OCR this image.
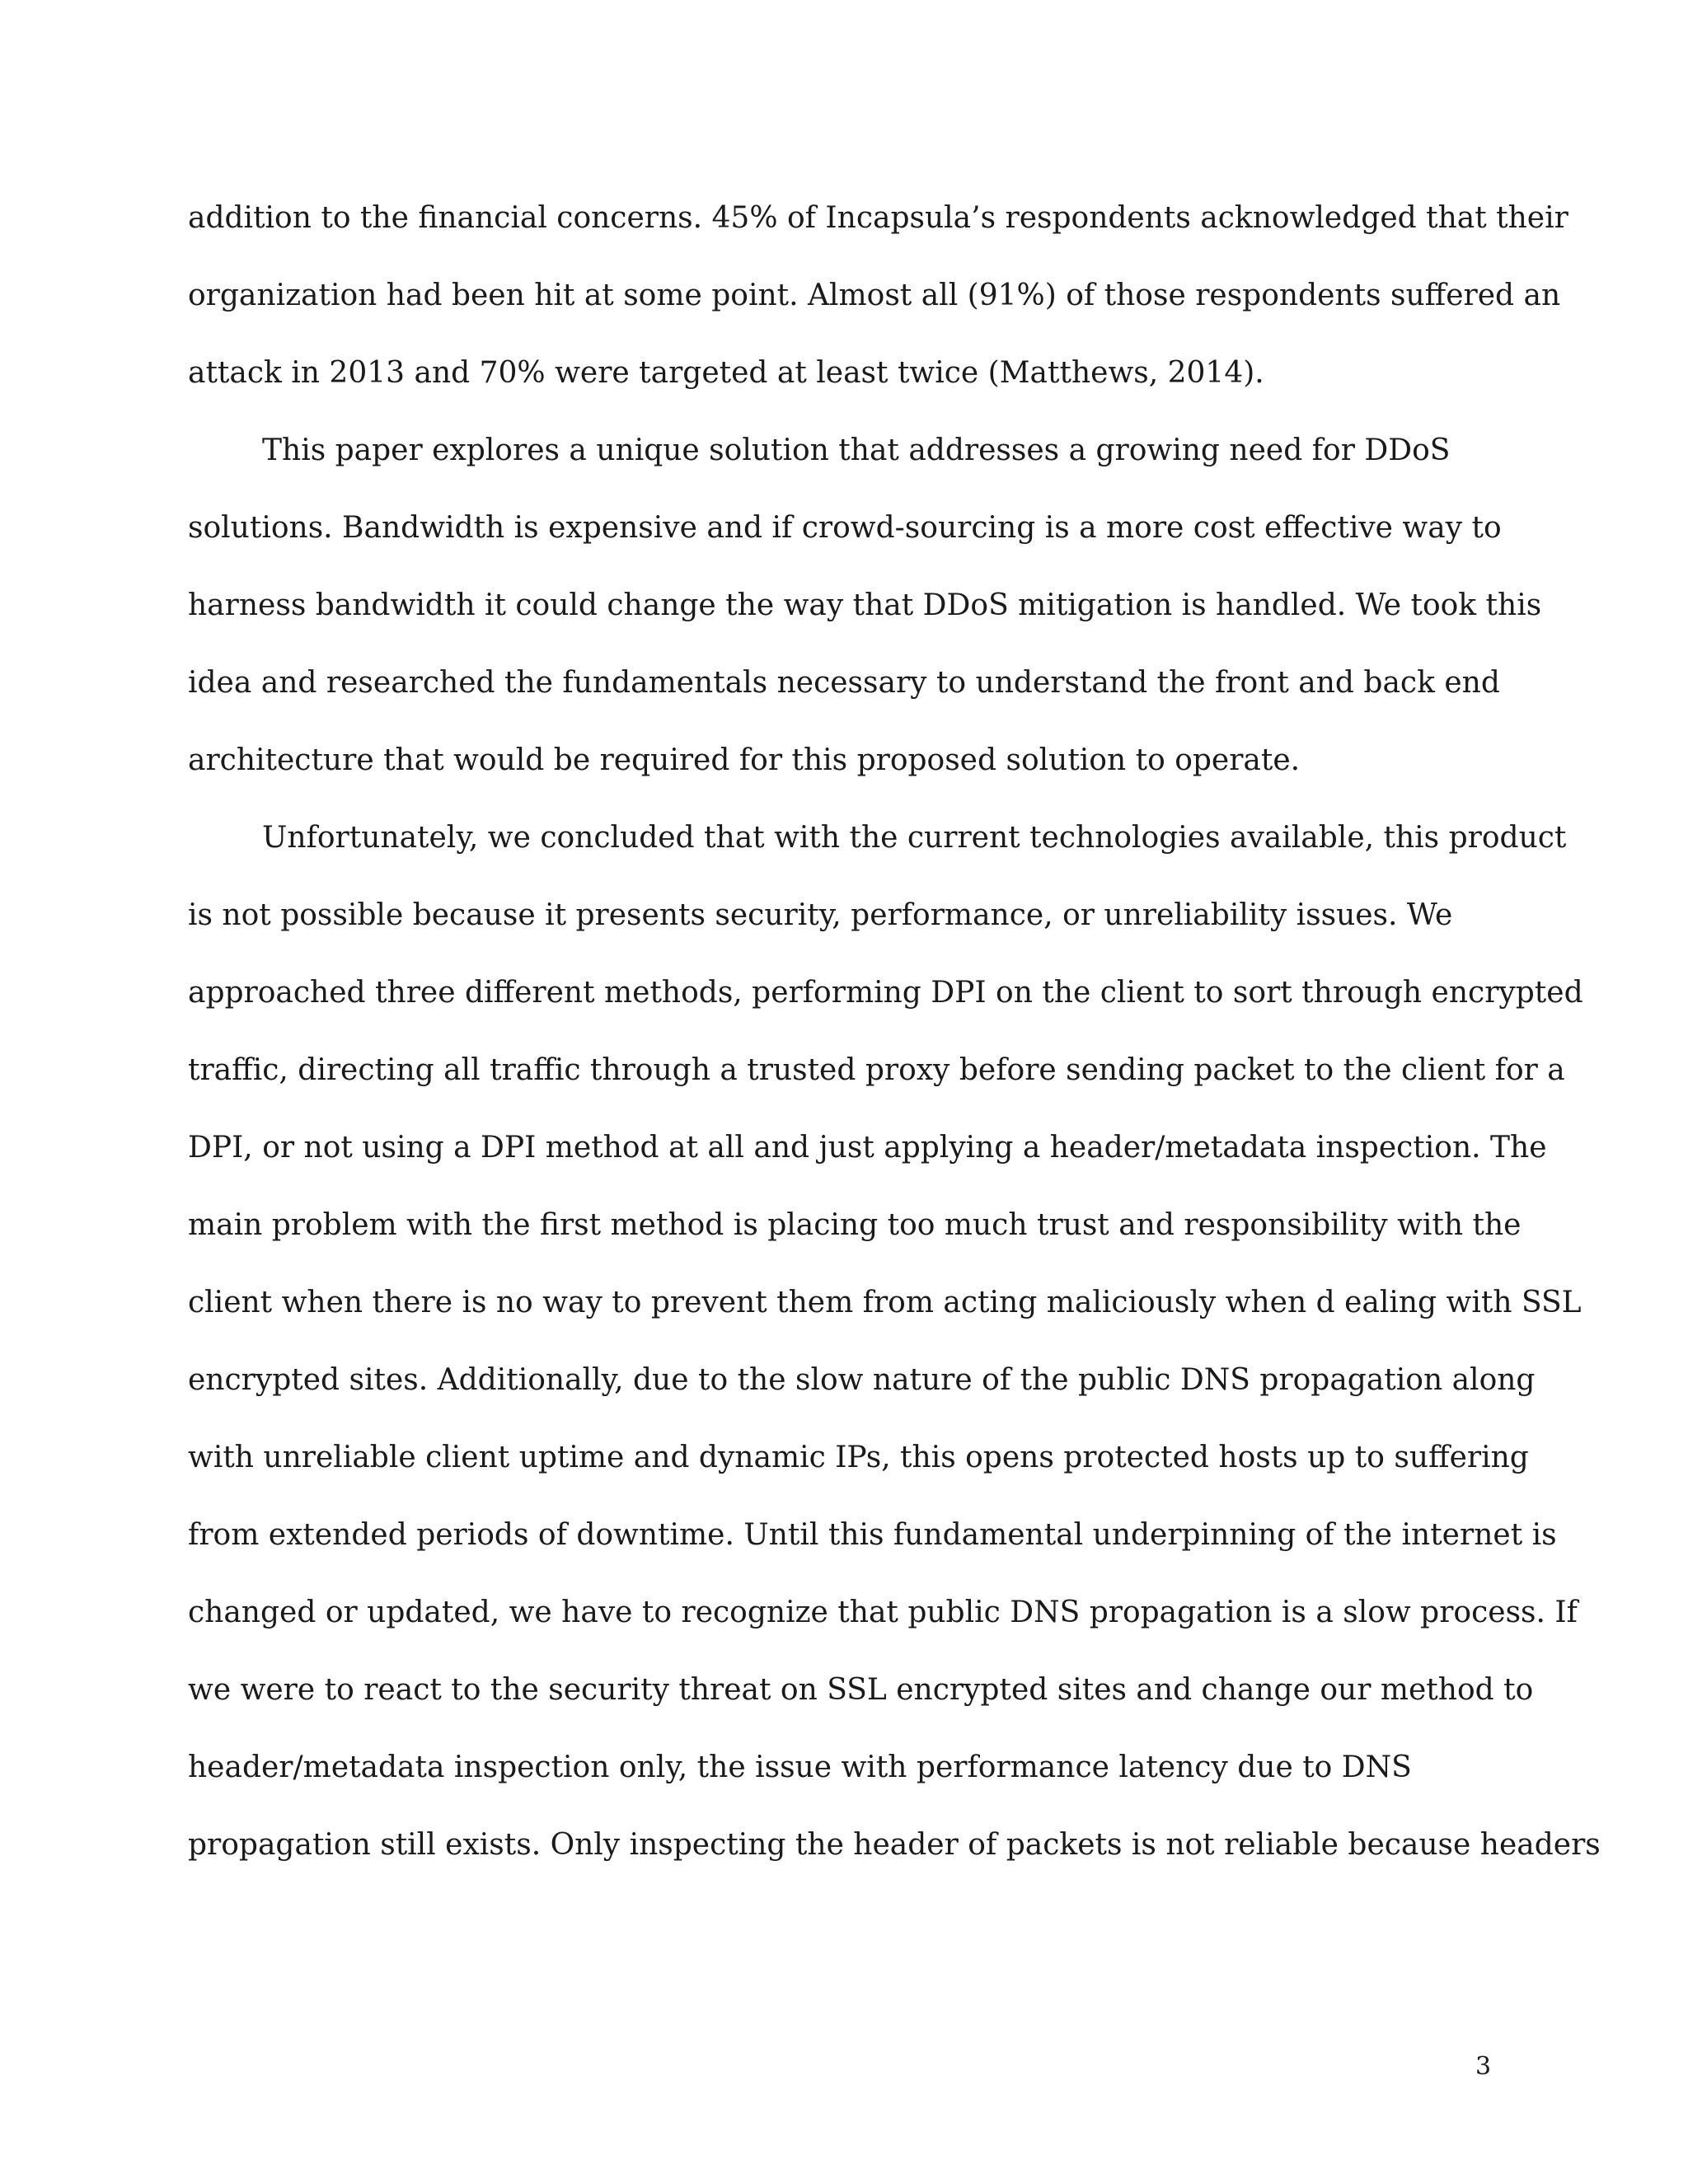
addition to the financial concerns. 45% of Incapsula’s respondents acknowledged that their
organization had been hit at some point. Almost all (91%) of those respondents suffered an
attack in 2013 and 70% were targeted at least twice (Matthews, 2014).
This paper explores a unique solution that addresses a growing need for DDoS
solutions. Bandwidth is expensive and if crowd-sourcing is a more cost effective way to
harness bandwidth it could change the way that DDoS mitigation is handled. We took this
idea and researched the fundamentals necessary to understand the front and back end
architecture that would be required for this proposed solution to operate.
Unfortunately, we concluded that with the current technologies available, this product
is not possible because it presents security, performance, or unreliability issues. We
approached three different methods, performing DPI on the client to sort through encrypted
traffic, directing all traffic through a trusted proxy before sending packet to the client for a
DPI, or not using a DPI method at all and just applying a header/metadata inspection. The
main problem with the first method is placing too much trust and responsibility with the
client when there is no way to prevent them from acting maliciously when d ealing with SSL
encrypted sites. Additionally, due to the slow nature of the public DNS propagation along
with unreliable client uptime and dynamic IPs, this opens protected hosts up to suffering
from extended periods of downtime. Until this fundamental underpinning of the internet is
changed or updated, we have to recognize that public DNS propagation is a slow process. If
we were to react to the security threat on SSL encrypted sites and change our method to
header/metadata inspection only, the issue with performance latency due to DNS
propagation still exists. Only inspecting the header of packets is not reliable because headers
3
